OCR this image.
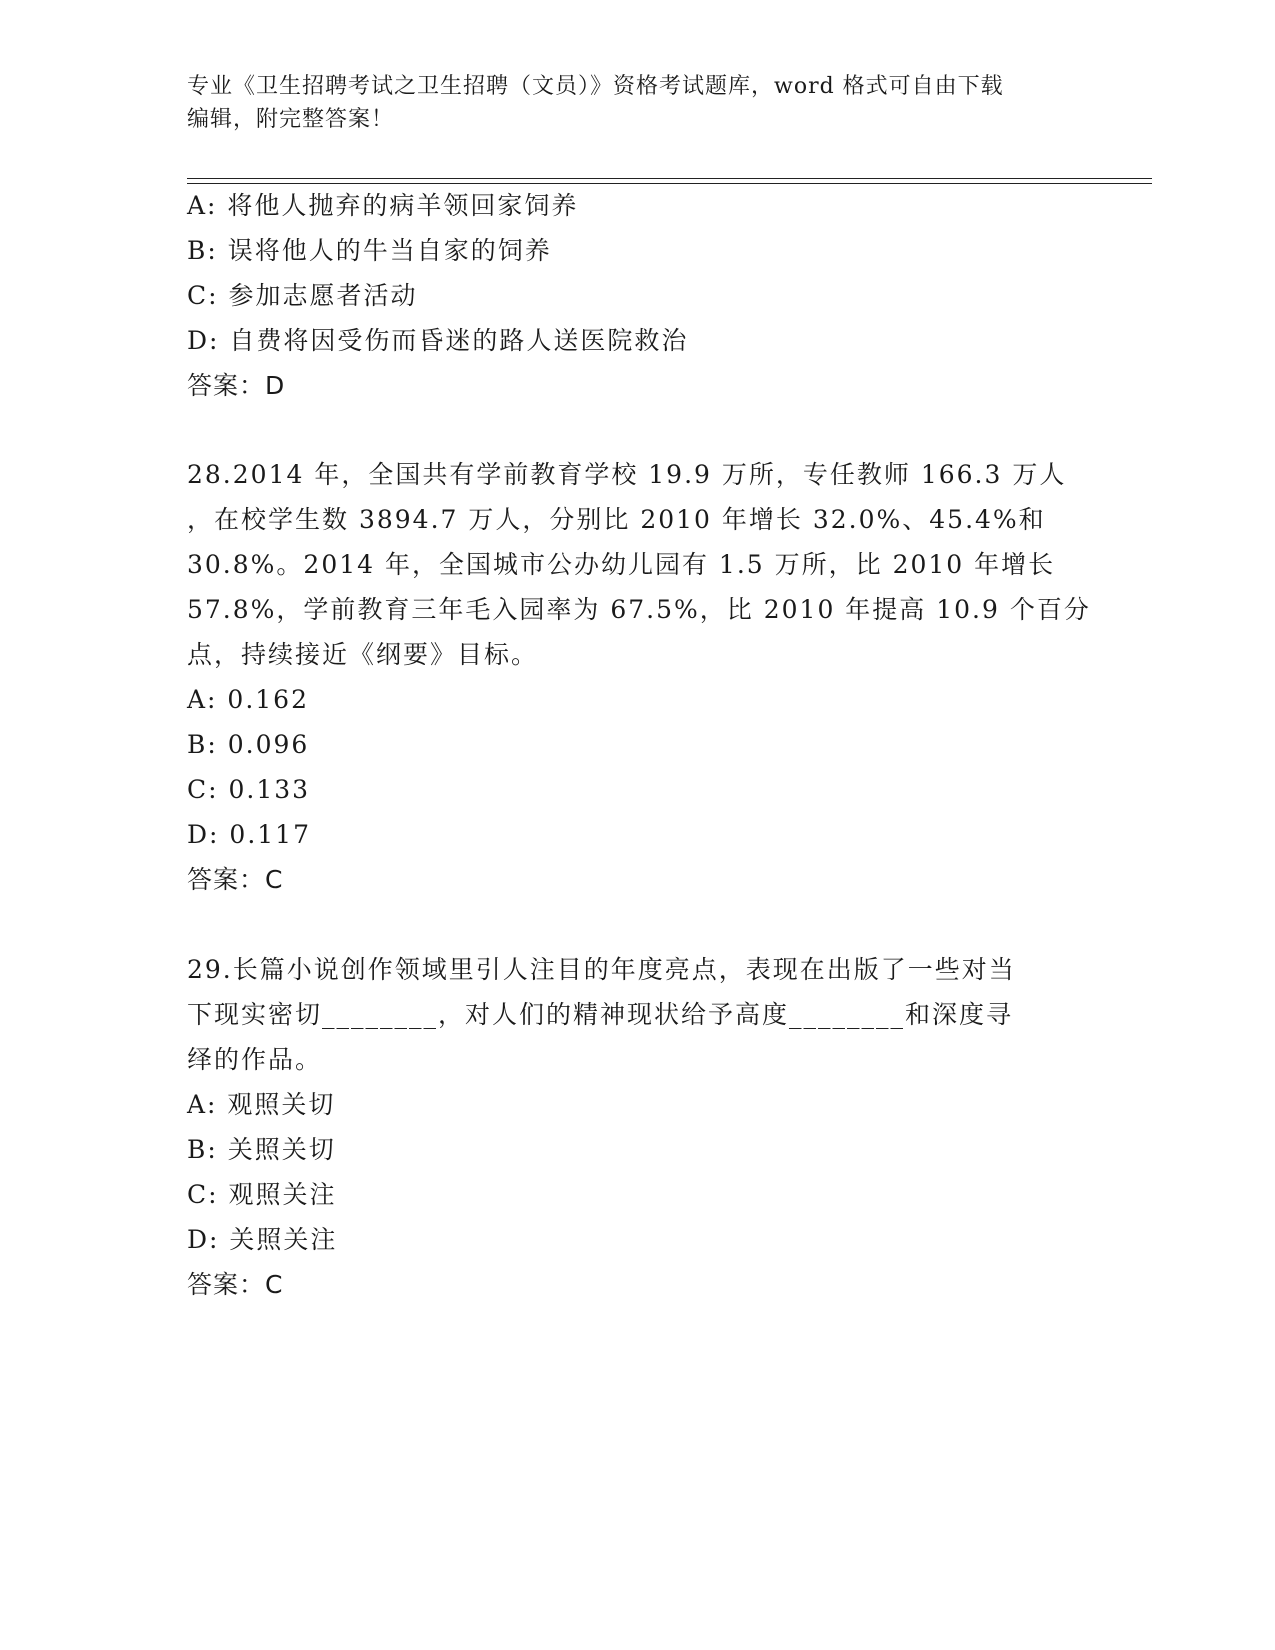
专业《卫生招聘考试之卫生招聘（文员）》资格考试题库，word 格式可自由下载
编辑，附完整答案！
A: 将他人抛弃的病羊领回家饲养
B: 误将他人的牛当自家的饲养
C: 参加志愿者活动
D: 自费将因受伤而昏迷的路人送医院救治
答案：D
28.2014 年，全国共有学前教育学校 19.9 万所，专任教师 166.3 万人
，在校学生数 3894.7 万人，分别比 2010 年增长 32.0%、45.4%和
30.8%。2014 年，全国城市公办幼儿园有 1.5 万所，比 2010 年增长
57.8%，学前教育三年毛入园率为 67.5%，比 2010 年提高 10.9 个百分
点，持续接近《纲要》目标。
A: 0.162
B: 0.096
C: 0.133
D: 0.117
答案：C
29.长篇小说创作领域里引人注目的年度亮点，表现在出版了一些对当
下现实密切________，对人们的精神现状给予高度________和深度寻
绎的作品。
A: 观照关切
B: 关照关切
C: 观照关注
D: 关照关注
答案：C
